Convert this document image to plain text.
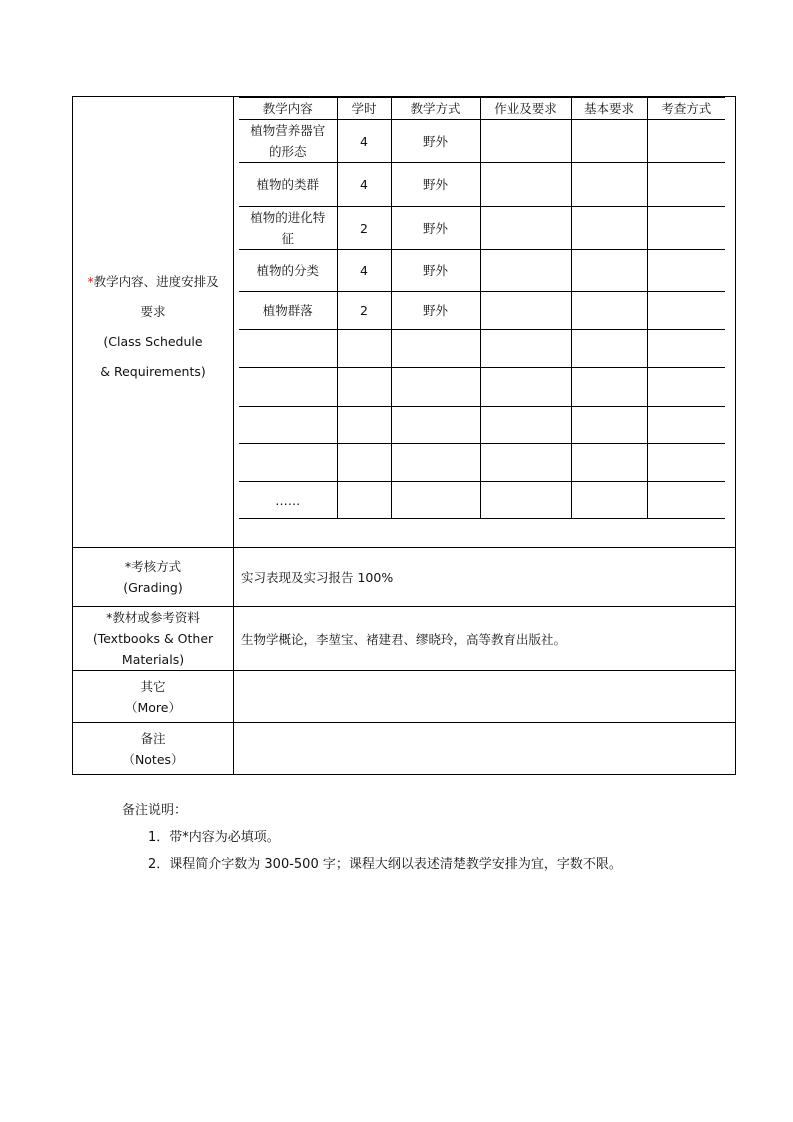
*教学内容、进度安排及
要求
(Class Schedule
& Requirements)

教学内容	学时	教学方式	作业及要求	基本要求	考查方式
植物营养器官的形态	4	野外			
植物的类群	4	野外			
植物的进化特征	2	野外			
植物的分类	4	野外			
植物群落	2	野外			

……					

*考核方式
(Grading)
	实习表现及实习报告 100%

*教材或参考资料
(Textbooks & Other
Materials)
	生物学概论，李堃宝、褚建君、缪晓玲，高等教育出版社。

其它
（More）

备注
（Notes）

备注说明：
1．带*内容为必填项。
2．课程简介字数为 300-500 字；课程大纲以表述清楚教学安排为宜，字数不限。
